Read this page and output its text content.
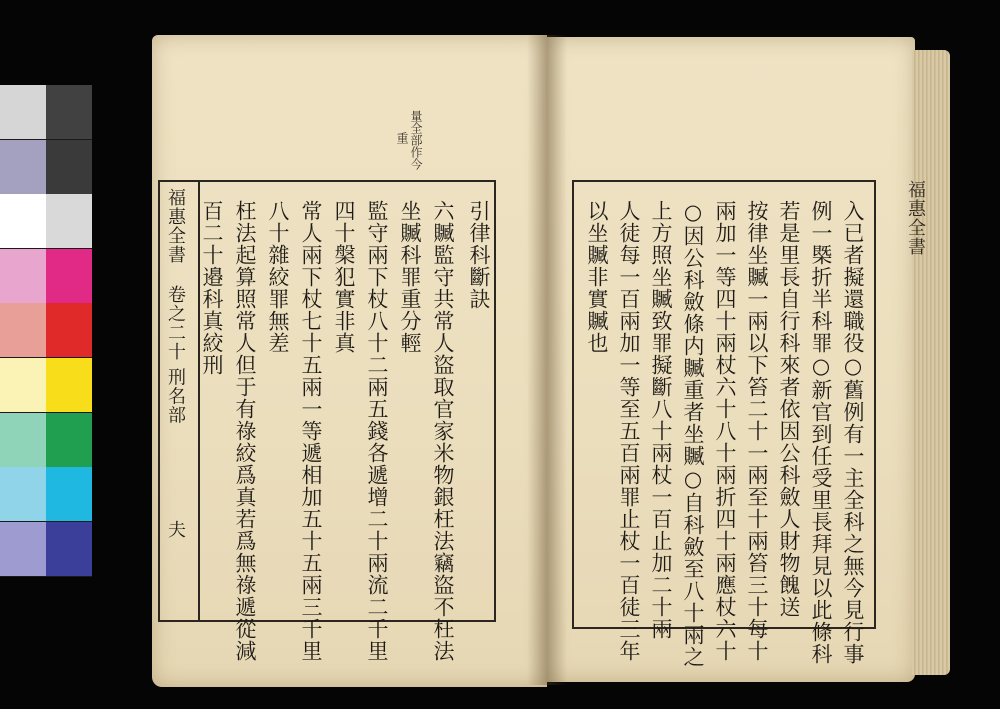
量全部作今
重
福惠全書
卷之二十 刑名部
夫
引律科斷訣
六贓監守共常人盜取官家米物銀枉法竊盜不枉法
坐贓科罪重分輕
監守兩下杖八十二兩五錢各遞增二十兩流二千里
四十槃犯實非真
常人兩下杖七十五兩一等遞相加五十五兩三千里
八十雜絞罪無差
枉法起算照常人但于有祿絞爲真若爲無祿遞從減
百二十邉科真絞刑	福惠全書
入已者擬還職役○舊例有一主全科之無今見行事
例一槩折半科罪○新官到任受里長拜見以此條科
若是里長自行科來者依因公科斂人財物餽送
按律坐贓一兩以下笞二十一兩至十兩笞三十每十
兩加一等四十兩杖六十八十兩折四十兩應杖六十
○因公科斂條内贓重者坐贓○自科斂至八十兩之
上方照坐贓致罪擬斷八十兩杖一百止加二十兩
人徒每一百兩加一等至五百兩罪止杖一百徒三年
以坐贓非實贓也
